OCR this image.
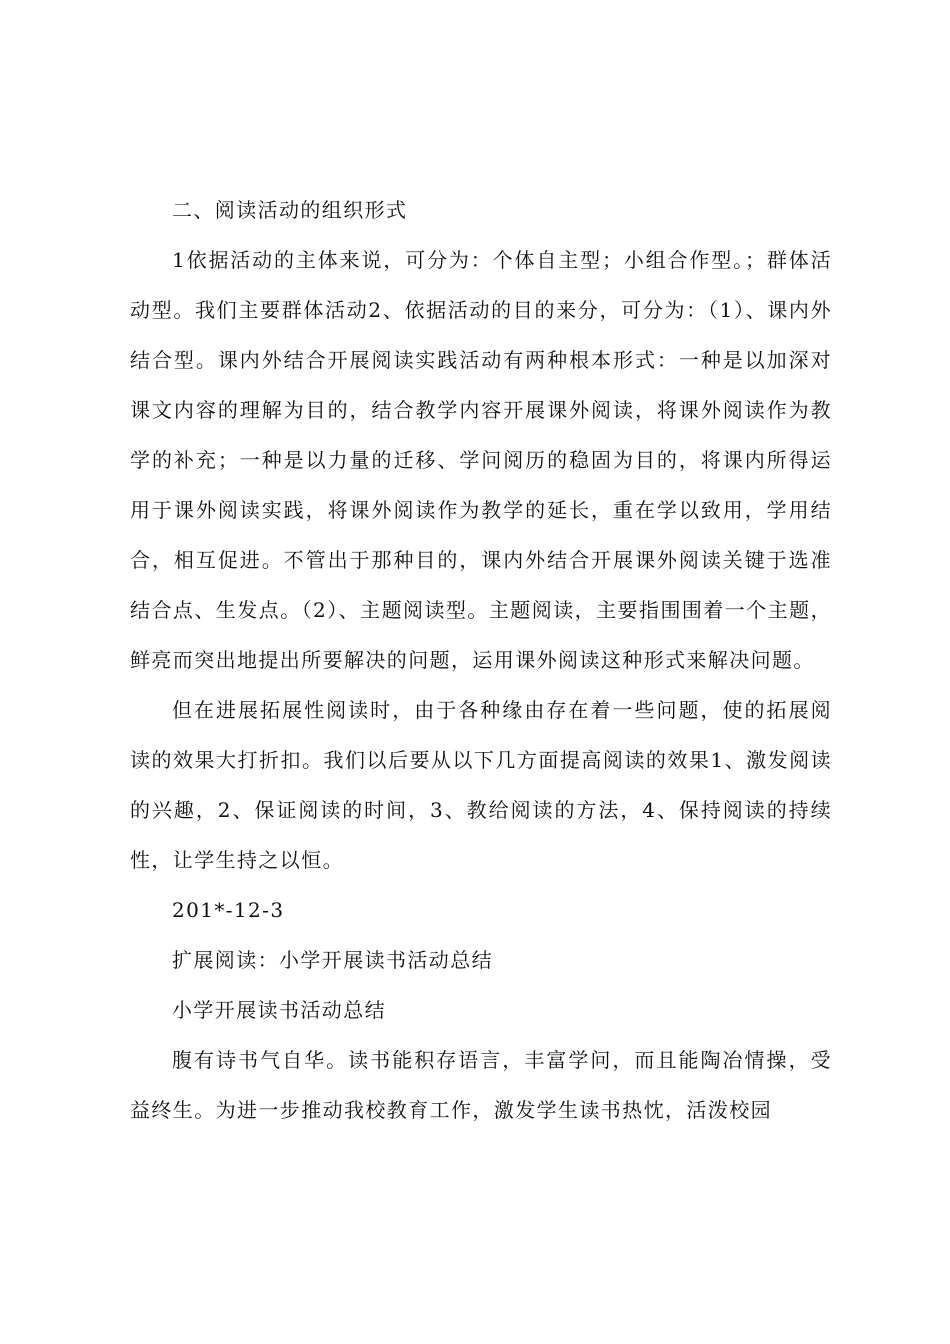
二、阅读活动的组织形式

1依据活动的主体来说，可分为：个体自主型；小组合作型。；群体活动型。我们主要群体活动2、依据活动的目的来分，可分为：（1）、课内外结合型。课内外结合开展阅读实践活动有两种根本形式：一种是以加深对课文内容的理解为目的，结合教学内容开展课外阅读，将课外阅读作为教学的补充；一种是以力量的迁移、学问阅历的稳固为目的，将课内所得运用于课外阅读实践，将课外阅读作为教学的延长，重在学以致用，学用结合，相互促进。不管出于那种目的，课内外结合开展课外阅读关键于选准结合点、生发点。（2）、主题阅读型。主题阅读，主要指围围着一个主题，鲜亮而突出地提出所要解决的问题，运用课外阅读这种形式来解决问题。

但在进展拓展性阅读时，由于各种缘由存在着一些问题，使的拓展阅读的效果大打折扣。我们以后要从以下几方面提高阅读的效果1、激发阅读的兴趣，2、保证阅读的时间，3、教给阅读的方法，4、保持阅读的持续性，让学生持之以恒。

201*-12-3

扩展阅读：小学开展读书活动总结

小学开展读书活动总结

腹有诗书气自华。读书能积存语言，丰富学问，而且能陶冶情操，受益终生。为进一步推动我校教育工作，激发学生读书热忱，活泼校园
